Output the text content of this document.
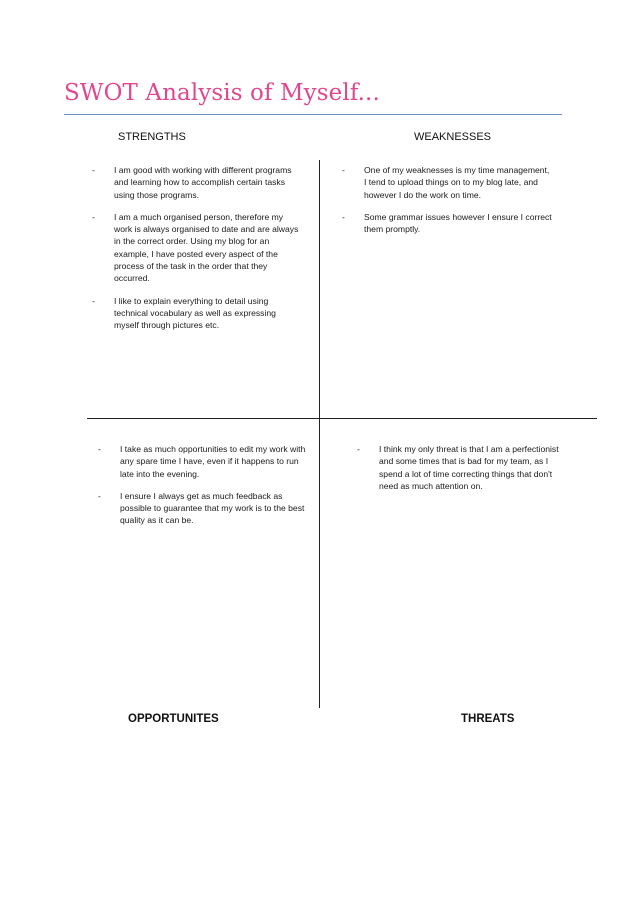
SWOT Analysis of Myself...
STRENGTHS	WEAKNESSES
- I am good with working with different programs and learning how to accomplish certain tasks using those programs.
- I am a much organised person, therefore my work is always organised to date and are always in the correct order. Using my blog for an example, I have posted every aspect of the process of the task in the order that they occurred.
- I like to explain everything to detail using technical vocabulary as well as expressing myself through pictures etc.
- One of my weaknesses is my time management, I tend to upload things on to my blog late, and however I do the work on time.
- Some grammar issues however I ensure I correct them promptly.
- I take as much opportunities to edit my work with any spare time I have, even if it happens to run late into the evening.
- I ensure I always get as much feedback as possible to guarantee that my work is to the best quality as it can be.
- I think my only threat is that I am a perfectionist and some times that is bad for my team, as I spend a lot of time correcting things that don't need as much attention on.
OPPORTUNITES	THREATS
